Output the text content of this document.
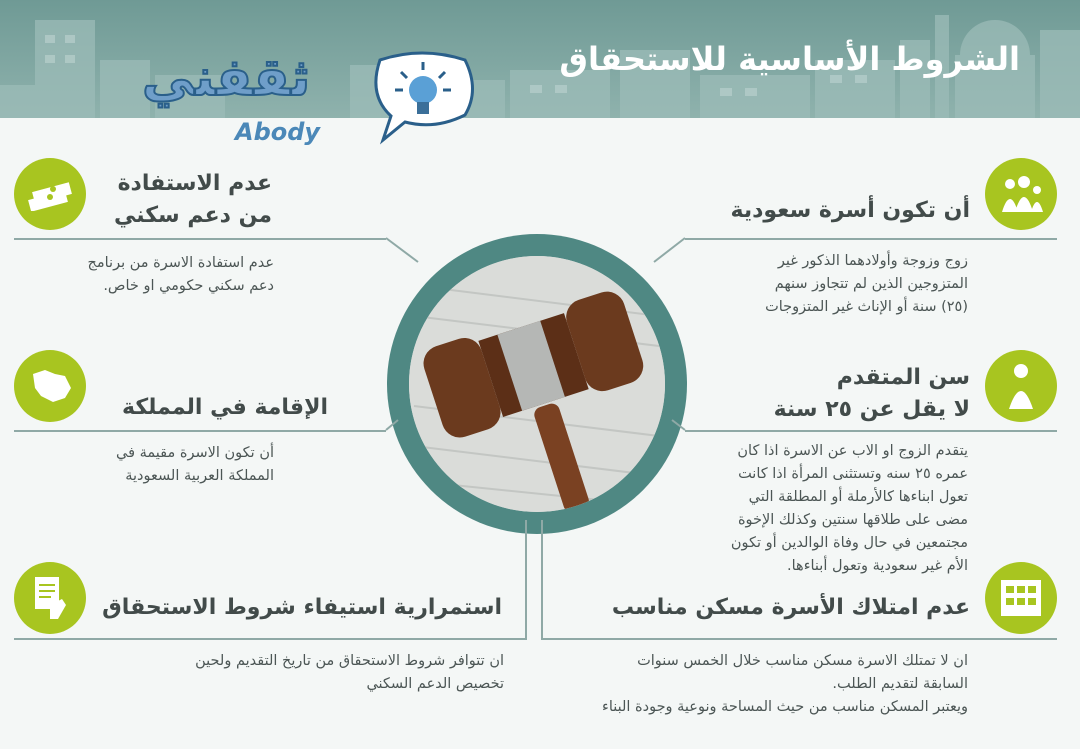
الشروط الأساسية للاستحقاق
ثقفني
Abody
أن تكون أسرة سعودية
زوج وزوجة وأولادهما الذكور غير
المتزوجين الذين لم تتجاوز سنهم
(٢٥) سنة أو الإناث غير المتزوجات
سن المتقدم
لا يقل عن ٢٥ سنة
يتقدم الزوج او الاب عن الاسرة اذا كان
عمره ٢٥ سنه وتستثنى المرأة اذا كانت
تعول ابناءها كالأرملة أو المطلقة التي
مضى على طلاقها سنتين وكذلك الإخوة
مجتمعين في حال وفاة الوالدين أو تكون
الأم غير سعودية وتعول أبناءها.
عدم امتلاك الأسرة مسكن مناسب
ان لا تمتلك الاسرة مسكن مناسب خلال الخمس سنوات
السابقة لتقديم الطلب.
ويعتبر المسكن مناسب من حيث المساحة ونوعية وجودة البناء
عدم الاستفادة
من دعم سكني
عدم استفادة الاسرة من برنامج
دعم سكني حكومي او خاص.
الإقامة في المملكة
أن تكون الاسرة مقيمة في
المملكة العربية السعودية
استمرارية استيفاء شروط الاستحقاق
ان تتوافر شروط الاستحقاق من تاريخ التقديم ولحين
تخصيص الدعم السكني
